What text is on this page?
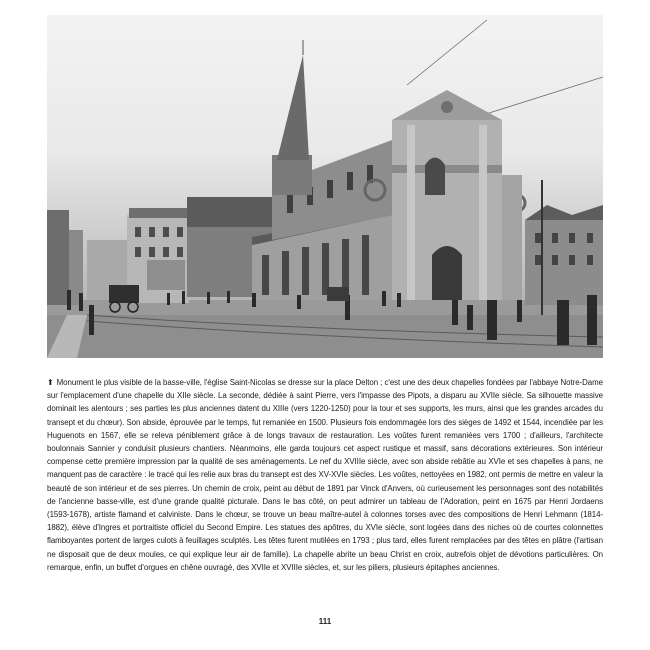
⬆ Monument le plus visible de la basse-ville, l'église Saint-Nicolas se dresse sur la place Delton ; c'est une des deux chapelles fondées par l'abbaye Notre-Dame sur l'emplacement d'une chapelle du XIIe siècle. La seconde, dédiée à saint Pierre, vers l'impasse des Pipots, a disparu au XVIIe siècle. Sa silhouette massive dominait les alentours ; ses parties les plus anciennes datent du XIIIe (vers 1220-1250) pour la tour et ses supports, les murs, ainsi que les grandes arcades du transept et du chœur). Son abside, éprouvée par le temps, fut remaniée en 1500. Plusieurs fois endommagée lors des sièges de 1492 et 1544, incendiée par les Huguenots en 1567, elle se releva péniblement grâce à de longs travaux de restauration. Les voûtes furent remaniées vers 1700 ; d'ailleurs, l'architecte boulonnais Sannier y conduisit plusieurs chantiers. Néanmoins, elle garda toujours cet aspect rustique et massif, sans décorations extérieures. Son intérieur compense cette première impression par la qualité de ses aménagements. Le nef du XVIIIe siècle, avec son abside rebâtie au XVIe et ses chapelles à pans, ne manquent pas de caractère : le tracé qui les relie aux bras du transept est des XV-XVIe siècles. Les voûtes, nettoyées en 1982, ont permis de mettre en valeur la beauté de son intérieur et de ses pierres. Un chemin de croix, peint au début de 1891 par Vinck d'Anvers, où curieusement les personnages sont des notabilités de l'ancienne basse-ville, est d'une grande qualité picturale. Dans le bas côté, on peut admirer un tableau de l'Adoration, peint en 1675 par Henri Jordaens (1593-1678), artiste flamand et calviniste. Dans le chœur, se trouve un beau maître-autel à colonnes torses avec des compositions de Henri Lehmann (1814-1882), élève d'Ingres et portraitiste officiel du Second Empire. Les statues des apôtres, du XVIe siècle, sont logées dans des niches où de courtes colonnettes flamboyantes portent de larges culots à feuillages sculptés. Les têtes furent mutilées en 1793 ; plus tard, elles furent remplacées par des têtes en plâtre (l'artisan ne disposait que de deux moules, ce qui explique leur air de famille). La chapelle abrite un beau Christ en croix, autrefois objet de dévotions particulières. On remarque, enfin, un buffet d'orgues en chêne ouvragé, des XVIIe et XVIIIe siècles, et, sur les piliers, plusieurs épitaphes anciennes.

111
